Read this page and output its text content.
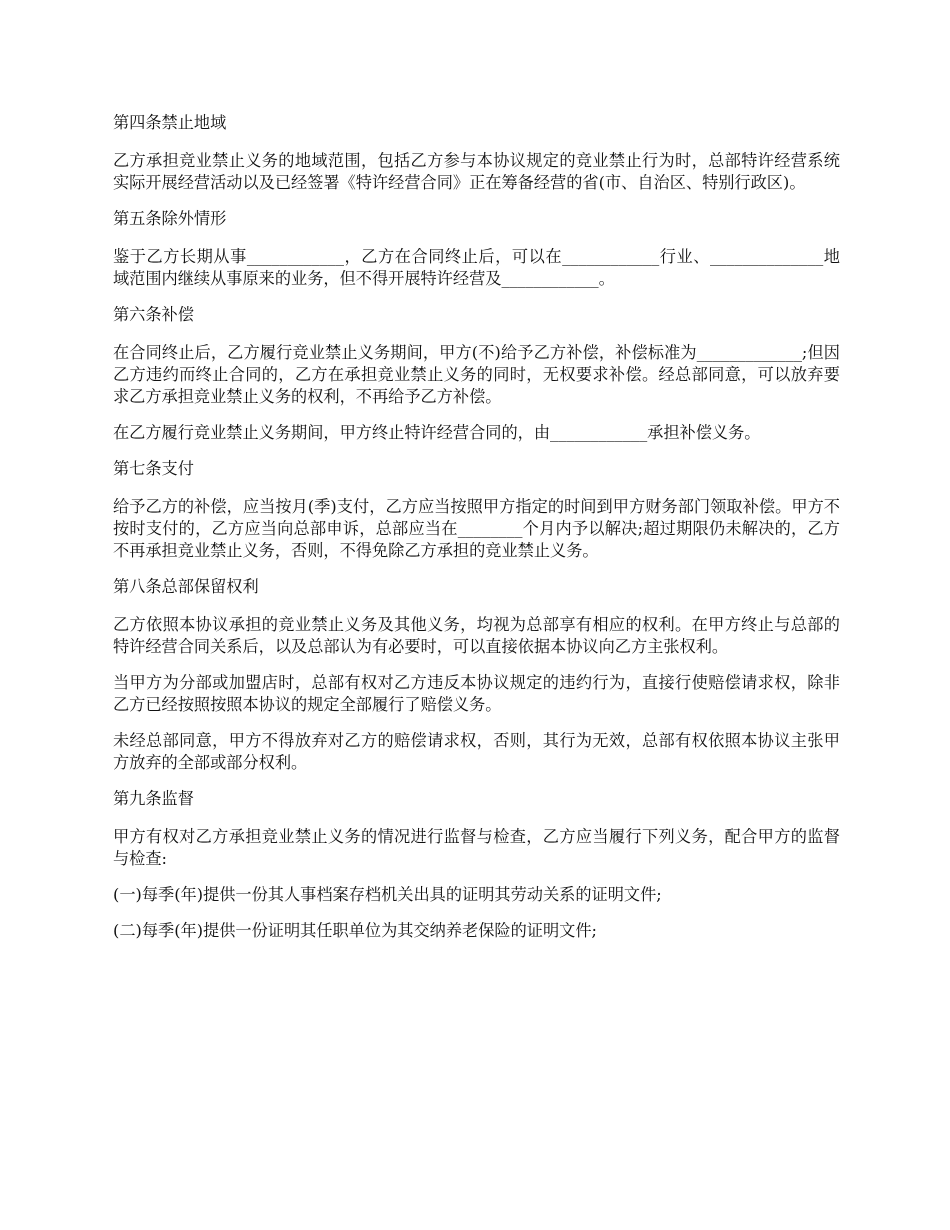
第四条禁止地域

乙方承担竞业禁止义务的地域范围，包括乙方参与本协议规定的竞业禁止行为时，总部特许经营系统实际开展经营活动以及已经签署《特许经营合同》正在筹备经营的省(市、自治区、特别行政区)。

第五条除外情形

鉴于乙方长期从事____________，乙方在合同终止后，可以在____________行业、______________地域范围内继续从事原来的业务，但不得开展特许经营及____________。

第六条补偿

在合同终止后，乙方履行竞业禁止义务期间，甲方(不)给予乙方补偿，补偿标准为_____________;但因乙方违约而终止合同的，乙方在承担竞业禁止义务的同时，无权要求补偿。经总部同意，可以放弃要求乙方承担竞业禁止义务的权利，不再给予乙方补偿。

在乙方履行竞业禁止义务期间，甲方终止特许经营合同的，由____________承担补偿义务。

第七条支付

给予乙方的补偿，应当按月(季)支付，乙方应当按照甲方指定的时间到甲方财务部门领取补偿。甲方不按时支付的，乙方应当向总部申诉，总部应当在________个月内予以解决;超过期限仍未解决的，乙方不再承担竞业禁止义务，否则，不得免除乙方承担的竞业禁止义务。

第八条总部保留权利

乙方依照本协议承担的竞业禁止义务及其他义务，均视为总部享有相应的权利。在甲方终止与总部的特许经营合同关系后，以及总部认为有必要时，可以直接依据本协议向乙方主张权利。

当甲方为分部或加盟店时，总部有权对乙方违反本协议规定的违约行为，直接行使赔偿请求权，除非乙方已经按照按照本协议的规定全部履行了赔偿义务。

未经总部同意，甲方不得放弃对乙方的赔偿请求权，否则，其行为无效，总部有权依照本协议主张甲方放弃的全部或部分权利。

第九条监督

甲方有权对乙方承担竞业禁止义务的情况进行监督与检查，乙方应当履行下列义务，配合甲方的监督与检查:

(一)每季(年)提供一份其人事档案存档机关出具的证明其劳动关系的证明文件;

(二)每季(年)提供一份证明其任职单位为其交纳养老保险的证明文件;
